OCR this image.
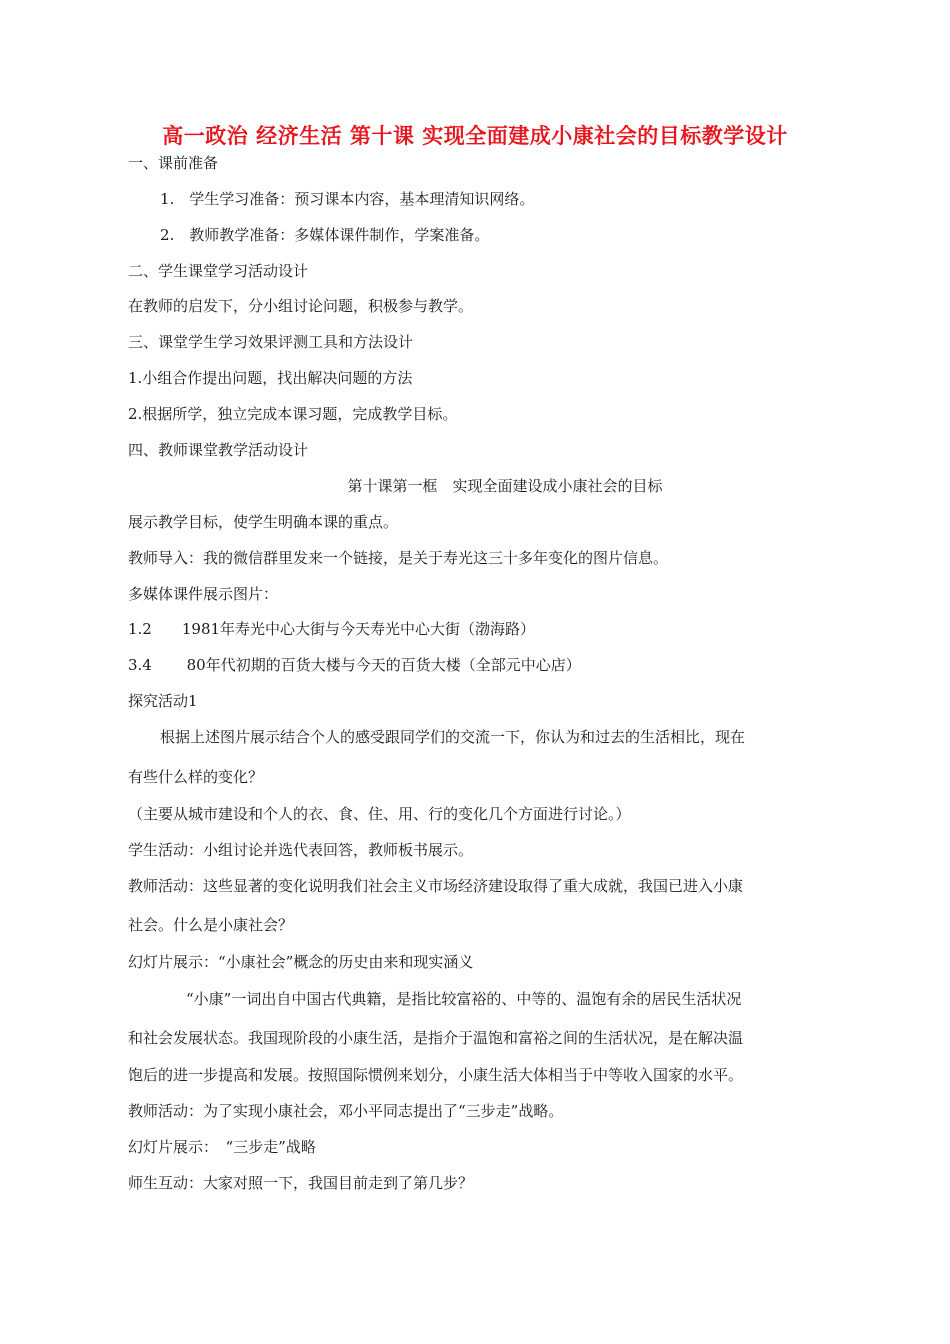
高一政治 经济生活 第十课 实现全面建成小康社会的目标教学设计
一、课前准备
1.　学生学习准备：预习课本内容，基本理清知识网络。
2.　教师教学准备：多媒体课件制作，学案准备。
二、学生课堂学习活动设计
在教师的启发下，分小组讨论问题，积极参与教学。
三、课堂学生学习效果评测工具和方法设计
1.小组合作提出问题，找出解决问题的方法
2.根据所学，独立完成本课习题，完成教学目标。
四、教师课堂教学活动设计
第十课第一框　实现全面建设成小康社会的目标
展示教学目标，使学生明确本课的重点。
教师导入：我的微信群里发来一个链接，是关于寿光这三十多年变化的图片信息。
多媒体课件展示图片：
1.2　　1981年寿光中心大街与今天寿光中心大街（渤海路）
3.4　　 80年代初期的百货大楼与今天的百货大楼（全部元中心店）
探究活动1
根据上述图片展示结合个人的感受跟同学们的交流一下，你认为和过去的生活相比，现在
有些什么样的变化？
（主要从城市建设和个人的衣、食、住、用、行的变化几个方面进行讨论。）
学生活动：小组讨论并选代表回答，教师板书展示。
教师活动：这些显著的变化说明我们社会主义市场经济建设取得了重大成就，我国已进入小康
社会。什么是小康社会？
幻灯片展示：“小康社会”概念的历史由来和现实涵义
“小康”一词出自中国古代典籍，是指比较富裕的、中等的、温饱有余的居民生活状况
和社会发展状态。我国现阶段的小康生活，是指介于温饱和富裕之间的生活状况，是在解决温
饱后的进一步提高和发展。按照国际惯例来划分，小康生活大体相当于中等收入国家的水平。
教师活动：为了实现小康社会，邓小平同志提出了“三步走”战略。
幻灯片展示：　“三步走”战略
师生互动：大家对照一下，我国目前走到了第几步？
